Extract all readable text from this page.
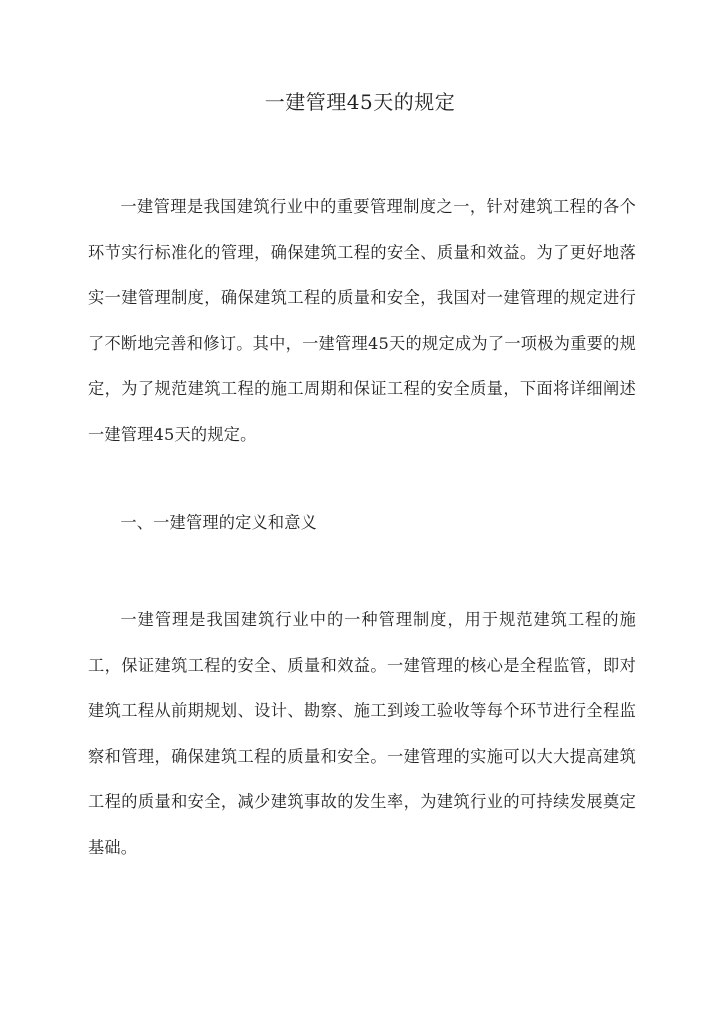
一建管理45天的规定

一建管理是我国建筑行业中的重要管理制度之一，针对建筑工程的各个环节实行标准化的管理，确保建筑工程的安全、质量和效益。为了更好地落实一建管理制度，确保建筑工程的质量和安全，我国对一建管理的规定进行了不断地完善和修订。其中，一建管理45天的规定成为了一项极为重要的规定，为了规范建筑工程的施工周期和保证工程的安全质量，下面将详细阐述一建管理45天的规定。

一、一建管理的定义和意义

一建管理是我国建筑行业中的一种管理制度，用于规范建筑工程的施工，保证建筑工程的安全、质量和效益。一建管理的核心是全程监管，即对建筑工程从前期规划、设计、勘察、施工到竣工验收等每个环节进行全程监察和管理，确保建筑工程的质量和安全。一建管理的实施可以大大提高建筑工程的质量和安全，减少建筑事故的发生率，为建筑行业的可持续发展奠定基础。
